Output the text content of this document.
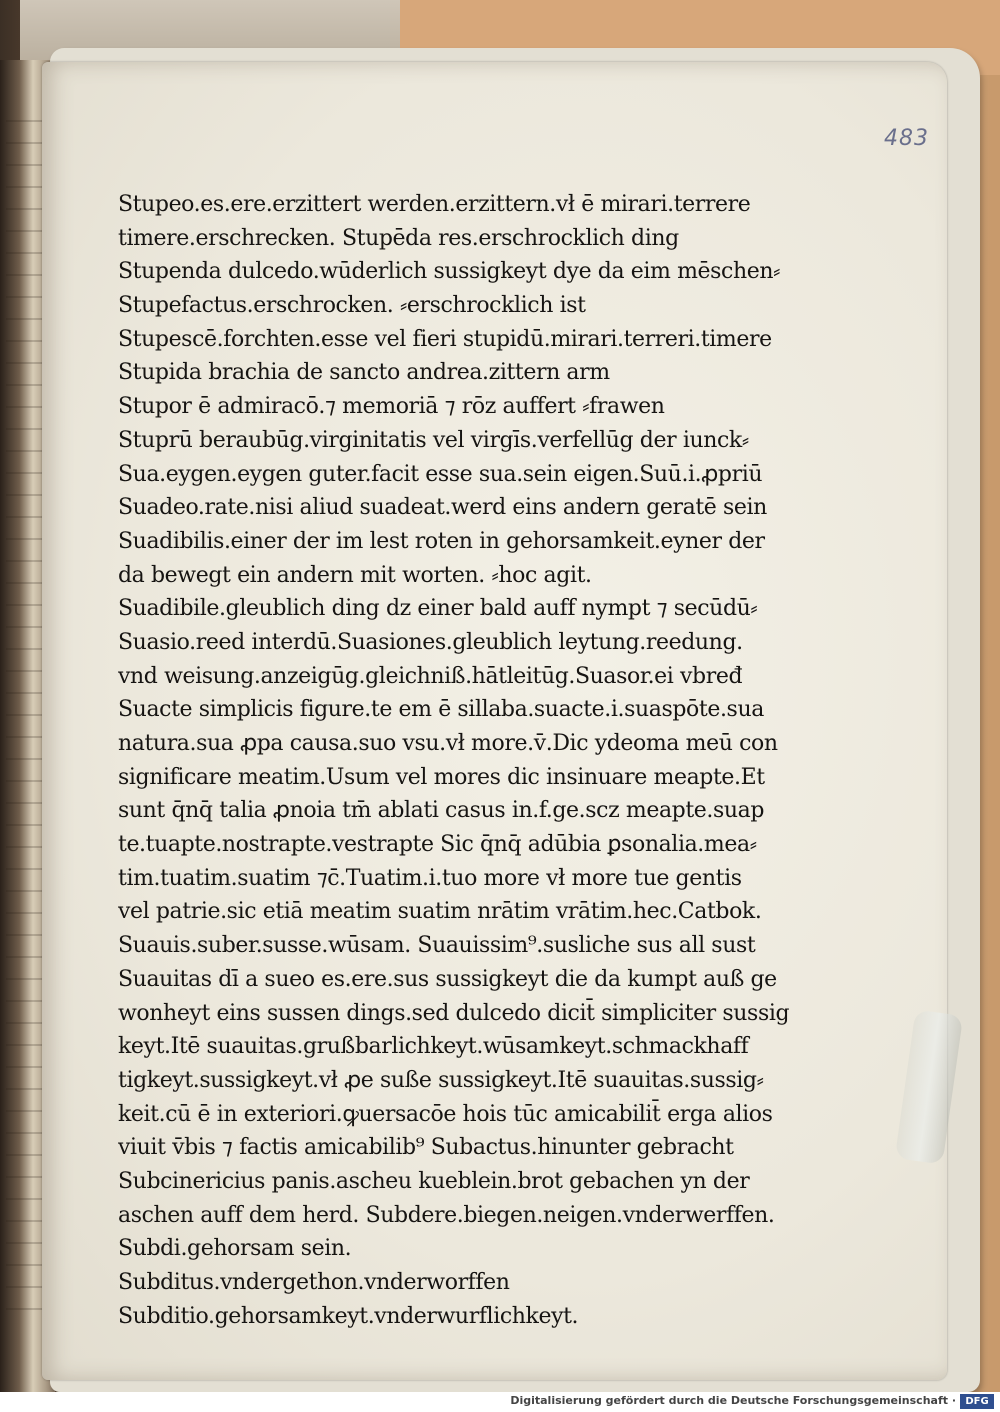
483
Stupeo.es.ere.erzittert werden.erzittern.vł ē mirari.terrere
timere.erschrecken. Stupēda res.erschrocklich ding
Stupenda dulcedo.wūderlich sussigkeyt dye da eim mēschen⸗
Stupefactus.erschrocken. ⸗erschrocklich ist
Stupescē.forchten.esse vel fieri stupidū.mirari.terreri.timere
Stupida brachia de sancto andrea.zittern arm
Stupor ē admiracō.⁊ memoriā ⁊ rōz auffert ⸗frawen
Stuprū beraubūg.virginitatis vel virgīs.verfellūg der iunck⸗
Sua.eygen.eygen guter.facit esse sua.sein eigen.Suū.i.ꝓpriū
Suadeo.rate.nisi aliud suadeat.werd eins andern geratē sein
Suadibilis.einer der im lest roten in gehorsamkeit.eyner der
da bewegt ein andern mit worten. ⸗hoc agit.
Suadibile.gleublich ding dz einer bald auff nympt ⁊ secūdū⸗
Suasio.reed interdū.Suasiones.gleublich leytung.reedung.
vnd weisung.anzeigūg.gleichniß.hātleitūg.Suasor.ei vbređ
Suacte simplicis figure.te em ē sillaba.suacte.i.suaspōte.sua
natura.sua ꝓpa causa.suo vsu.vł more.v̄.Dic ydeoma meū con
significare meatim.Usum vel mores dic insinuare meapte.Et
sunt q̄nq̄ talia ꝓnoia tm̄ ablati casus in.f.ge.scz meapte.suap
te.tuapte.nostrapte.vestrapte Sic q̄nq̄ adūbia ꝑsonalia.mea⸗
tim.tuatim.suatim ⁊c̄.Tuatim.i.tuo more vł more tue gentis
vel patrie.sic etiā meatim suatim nrātim vrātim.hec.Catbok.
Suauis.suber.susse.wūsam. Suauissim⁹.susliche sus all sust
Suauitas dī a sueo es.ere.sus sussigkeyt die da kumpt auß ge
wonheyt eins sussen dings.sed dulcedo dicit̄ simpliciter sussig
keyt.Itē suauitas.grußbarlichkeyt.wūsamkeyt.schmackhaff
tigkeyt.sussigkeyt.vł ꝓe suße sussigkeyt.Itē suauitas.sussig⸗
keit.cū ē in exteriori.ꝙuersacōe hois tūc amicabilit̄ erga alios
viuit v̄bis ⁊ factis amicabilib⁹ Subactus.hinunter gebracht
Subcinericius panis.ascheu kueblein.brot gebachen yn der
aschen auff dem herd. Subdere.biegen.neigen.vnderwerffen.
Subdi.gehorsam sein.
Subditus.vndergethon.vnderworffen
Subditio.gehorsamkeyt.vnderwurflichkeyt.
Digitalisierung gefördert durch die Deutsche Forschungsgemeinschaft · DFG
